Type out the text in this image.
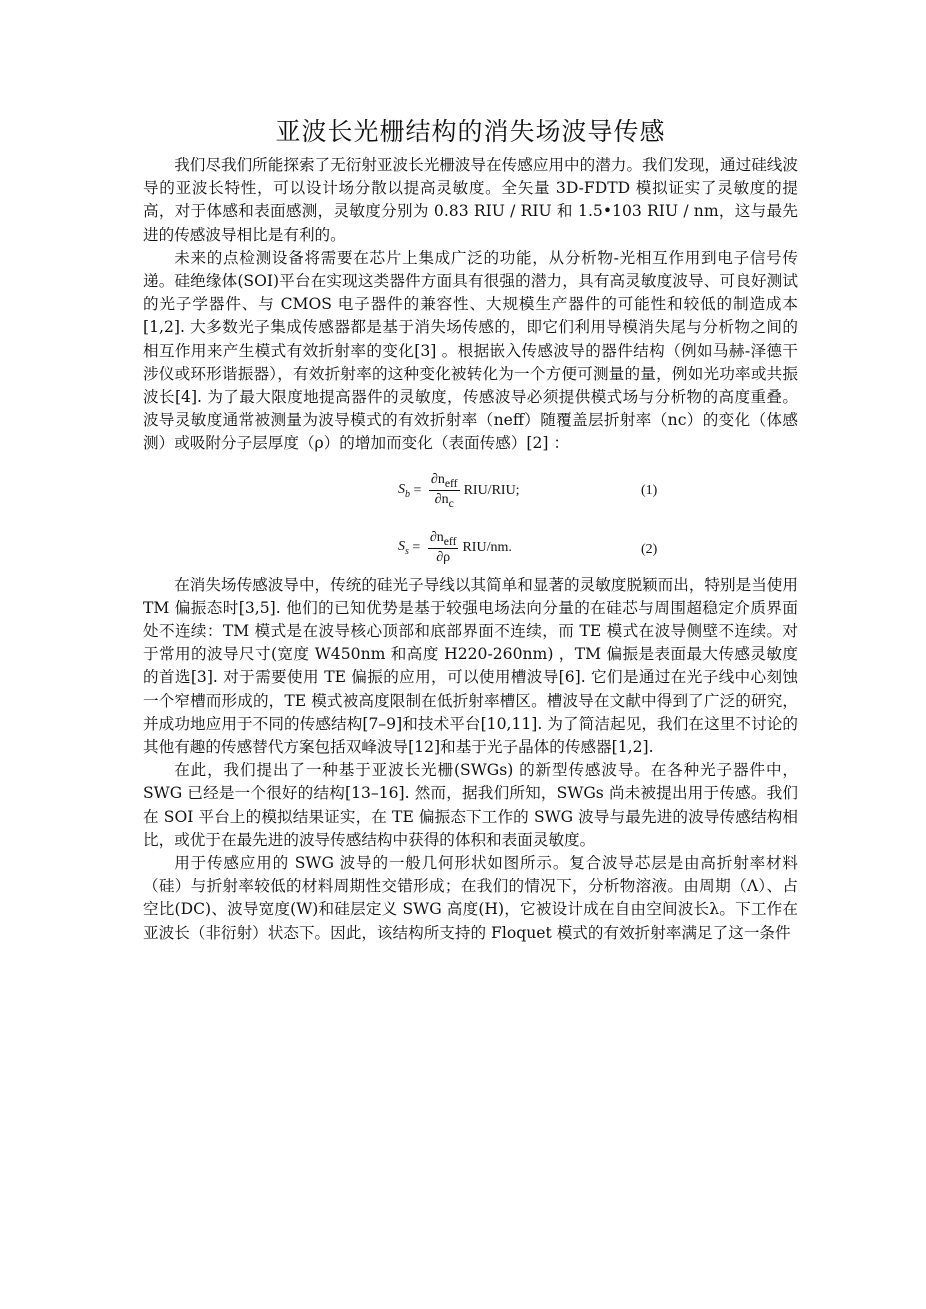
亚波长光栅结构的消失场波导传感

我们尽我们所能探索了无衍射亚波长光栅波导在传感应用中的潜力。我们发现，通过硅线波导的亚波长特性，可以设计场分散以提高灵敏度。全矢量 3D-FDTD 模拟证实了灵敏度的提高，对于体感和表面感测，灵敏度分别为 0.83 RIU / RIU 和 1.5•103 RIU / nm，这与最先进的传感波导相比是有利的。

未来的点检测设备将需要在芯片上集成广泛的功能，从分析物-光相互作用到电子信号传递。硅绝缘体(SOI)平台在实现这类器件方面具有很强的潜力，具有高灵敏度波导、可良好测试的光子学器件、与 CMOS 电子器件的兼容性、大规模生产器件的可能性和较低的制造成本[1,2]. 大多数光子集成传感器都是基于消失场传感的，即它们利用导模消失尾与分析物之间的相互作用来产生模式有效折射率的变化[3] 。根据嵌入传感波导的器件结构（例如马赫-泽德干涉仪或环形谐振器），有效折射率的这种变化被转化为一个方便可测量的量，例如光功率或共振波长[4]. 为了最大限度地提高器件的灵敏度，传感波导必须提供模式场与分析物的高度重叠。波导灵敏度通常被测量为波导模式的有效折射率（neff）随覆盖层折射率（nc）的变化（体感测）或吸附分子层厚度（ρ）的增加而变化（表面传感）[2] ：

$S_b = \frac{\partial n_{eff}}{\partial n_c} RIU/RIU$;	(1)
$S_s = \frac{\partial n_{eff}}{\partial\rho} RIU/nm$.	(2)

在消失场传感波导中，传统的硅光子导线以其简单和显著的灵敏度脱颖而出，特别是当使用 TM 偏振态时[3,5]. 他们的已知优势是基于较强电场法向分量的在硅芯与周围超稳定介质界面处不连续：TM 模式是在波导核心顶部和底部界面不连续，而 TE 模式在波导侧壁不连续。对于常用的波导尺寸(宽度 W450nm 和高度 H220-260nm) ，TM 偏振是表面最大传感灵敏度的首选[3]. 对于需要使用 TE 偏振的应用，可以使用槽波导[6]. 它们是通过在光子线中心刻蚀一个窄槽而形成的，TE 模式被高度限制在低折射率槽区。槽波导在文献中得到了广泛的研究，并成功地应用于不同的传感结构[7–9]和技术平台[10,11]. 为了简洁起见，我们在这里不讨论的其他有趣的传感替代方案包括双峰波导[12]和基于光子晶体的传感器[1,2].

在此，我们提出了一种基于亚波长光栅(SWGs) 的新型传感波导。在各种光子器件中，SWG 已经是一个很好的结构[13–16]. 然而，据我们所知，SWGs 尚未被提出用于传感。我们在 SOI 平台上的模拟结果证实，在 TE 偏振态下工作的 SWG 波导与最先进的波导传感结构相比，或优于在最先进的波导传感结构中获得的体积和表面灵敏度。

用于传感应用的 SWG 波导的一般几何形状如图所示。复合波导芯层是由高折射率材料（硅）与折射率较低的材料周期性交错形成；在我们的情况下，分析物溶液。由周期（Λ）、占空比(DC)、波导宽度(W)和硅层定义 SWG 高度(H)，它被设计成在自由空间波长λ。下工作在亚波长（非衍射）状态下。因此，该结构所支持的 Floquet 模式的有效折射率满足了这一条件
